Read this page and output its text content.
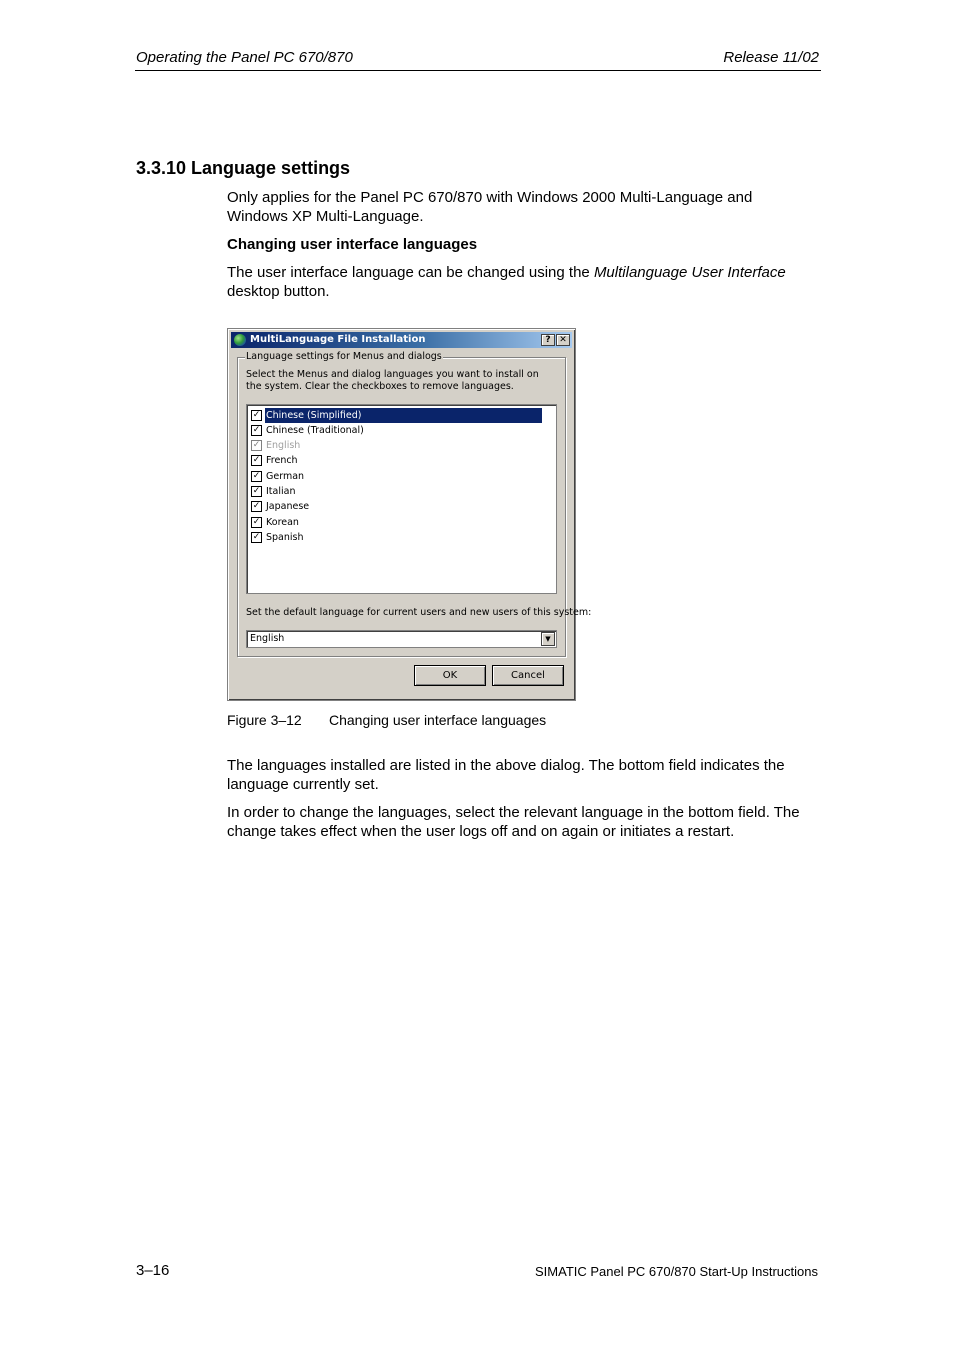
Operating the Panel PC 670/870	Release 11/02
3.3.10 Language settings
Only applies for the Panel PC 670/870 with Windows 2000 Multi-Language and Windows XP Multi-Language.
Changing user interface languages
The user interface language can be changed using the Multilanguage User Interface desktop button.
MultiLanguage File Installation	? ✕
Language settings for Menus and dialogs
Select the Menus and dialog languages you want to install on the system. Clear the checkboxes to remove languages.
✓ Chinese (Simplified)
✓ Chinese (Traditional)
✓ English
✓ French
✓ German
✓ Italian
✓ Japanese
✓ Korean
✓ Spanish
Set the default language for current users and new users of this system:
English	▼
OK	Cancel
Figure 3–12 Changing user interface languages
The languages installed are listed in the above dialog. The bottom field indicates the language currently set.
In order to change the languages, select the relevant language in the bottom field. The change takes effect when the user logs off and on again or initiates a restart.
3–16	SIMATIC Panel PC 670/870 Start-Up Instructions
